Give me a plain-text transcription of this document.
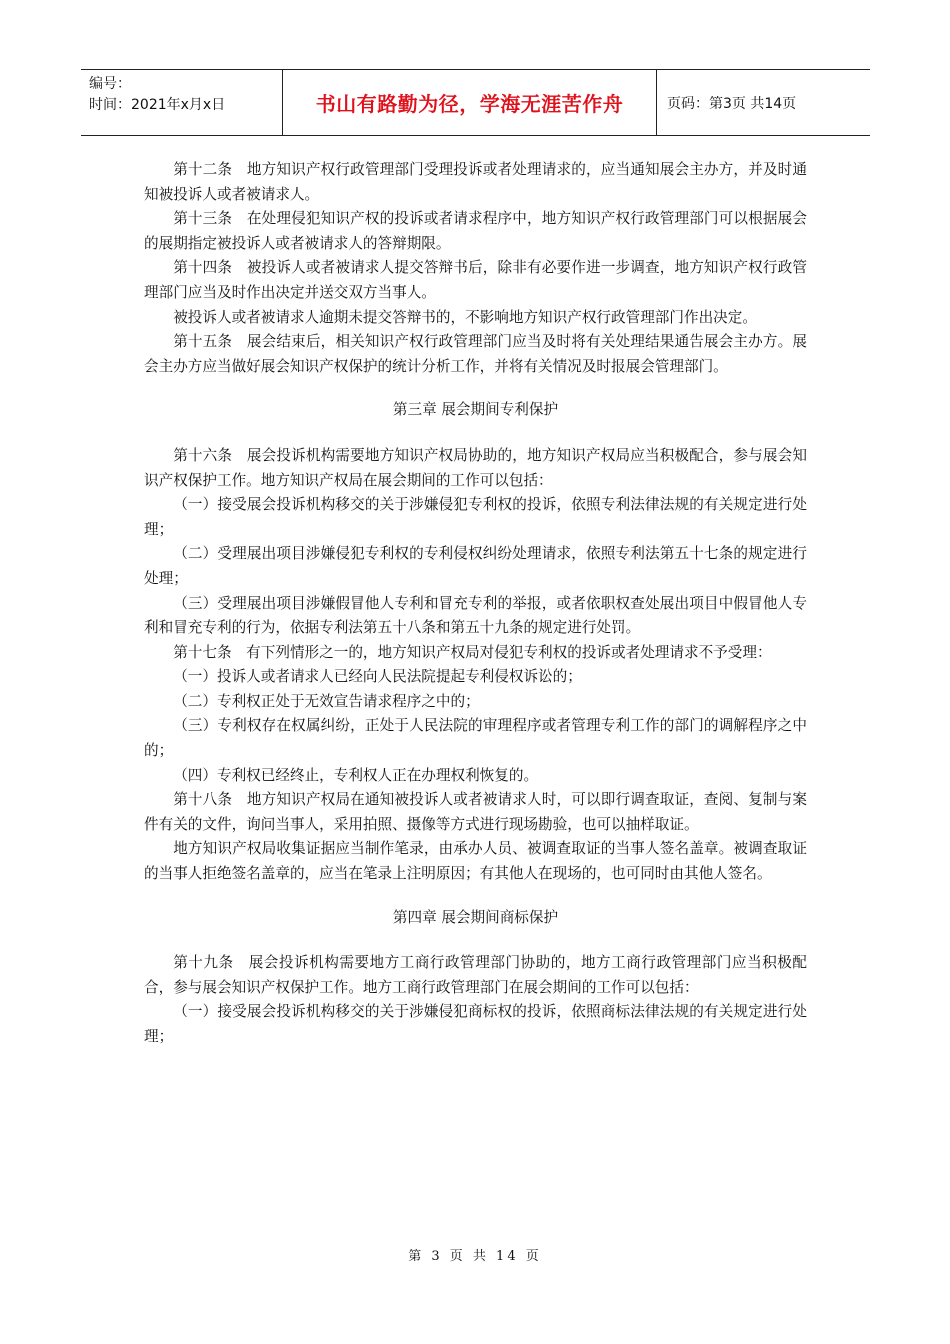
编号：
时间：2021年x月x日	书山有路勤为径，学海无涯苦作舟	页码：第3页 共14页

第十二条　地方知识产权行政管理部门受理投诉或者处理请求的，应当通知展会主办方，并及时通知被投诉人或者被请求人。

第十三条　在处理侵犯知识产权的投诉或者请求程序中，地方知识产权行政管理部门可以根据展会的展期指定被投诉人或者被请求人的答辩期限。

第十四条　被投诉人或者被请求人提交答辩书后，除非有必要作进一步调查，地方知识产权行政管理部门应当及时作出决定并送交双方当事人。

被投诉人或者被请求人逾期未提交答辩书的，不影响地方知识产权行政管理部门作出决定。

第十五条　展会结束后，相关知识产权行政管理部门应当及时将有关处理结果通告展会主办方。展会主办方应当做好展会知识产权保护的统计分析工作，并将有关情况及时报展会管理部门。

第三章 展会期间专利保护

第十六条　展会投诉机构需要地方知识产权局协助的，地方知识产权局应当积极配合，参与展会知识产权保护工作。地方知识产权局在展会期间的工作可以包括：

（一）接受展会投诉机构移交的关于涉嫌侵犯专利权的投诉，依照专利法律法规的有关规定进行处理；

（二）受理展出项目涉嫌侵犯专利权的专利侵权纠纷处理请求，依照专利法第五十七条的规定进行处理；

（三）受理展出项目涉嫌假冒他人专利和冒充专利的举报，或者依职权查处展出项目中假冒他人专利和冒充专利的行为，依据专利法第五十八条和第五十九条的规定进行处罚。

第十七条　有下列情形之一的，地方知识产权局对侵犯专利权的投诉或者处理请求不予受理：

（一）投诉人或者请求人已经向人民法院提起专利侵权诉讼的；

（二）专利权正处于无效宣告请求程序之中的；

（三）专利权存在权属纠纷，正处于人民法院的审理程序或者管理专利工作的部门的调解程序之中的；

（四）专利权已经终止，专利权人正在办理权利恢复的。

第十八条　地方知识产权局在通知被投诉人或者被请求人时，可以即行调查取证，查阅、复制与案件有关的文件，询问当事人，采用拍照、摄像等方式进行现场勘验，也可以抽样取证。

地方知识产权局收集证据应当制作笔录，由承办人员、被调查取证的当事人签名盖章。被调查取证的当事人拒绝签名盖章的，应当在笔录上注明原因；有其他人在现场的，也可同时由其他人签名。

第四章 展会期间商标保护

第十九条　展会投诉机构需要地方工商行政管理部门协助的，地方工商行政管理部门应当积极配合，参与展会知识产权保护工作。地方工商行政管理部门在展会期间的工作可以包括：

（一）接受展会投诉机构移交的关于涉嫌侵犯商标权的投诉，依照商标法律法规的有关规定进行处理；

第 3 页 共 14 页
